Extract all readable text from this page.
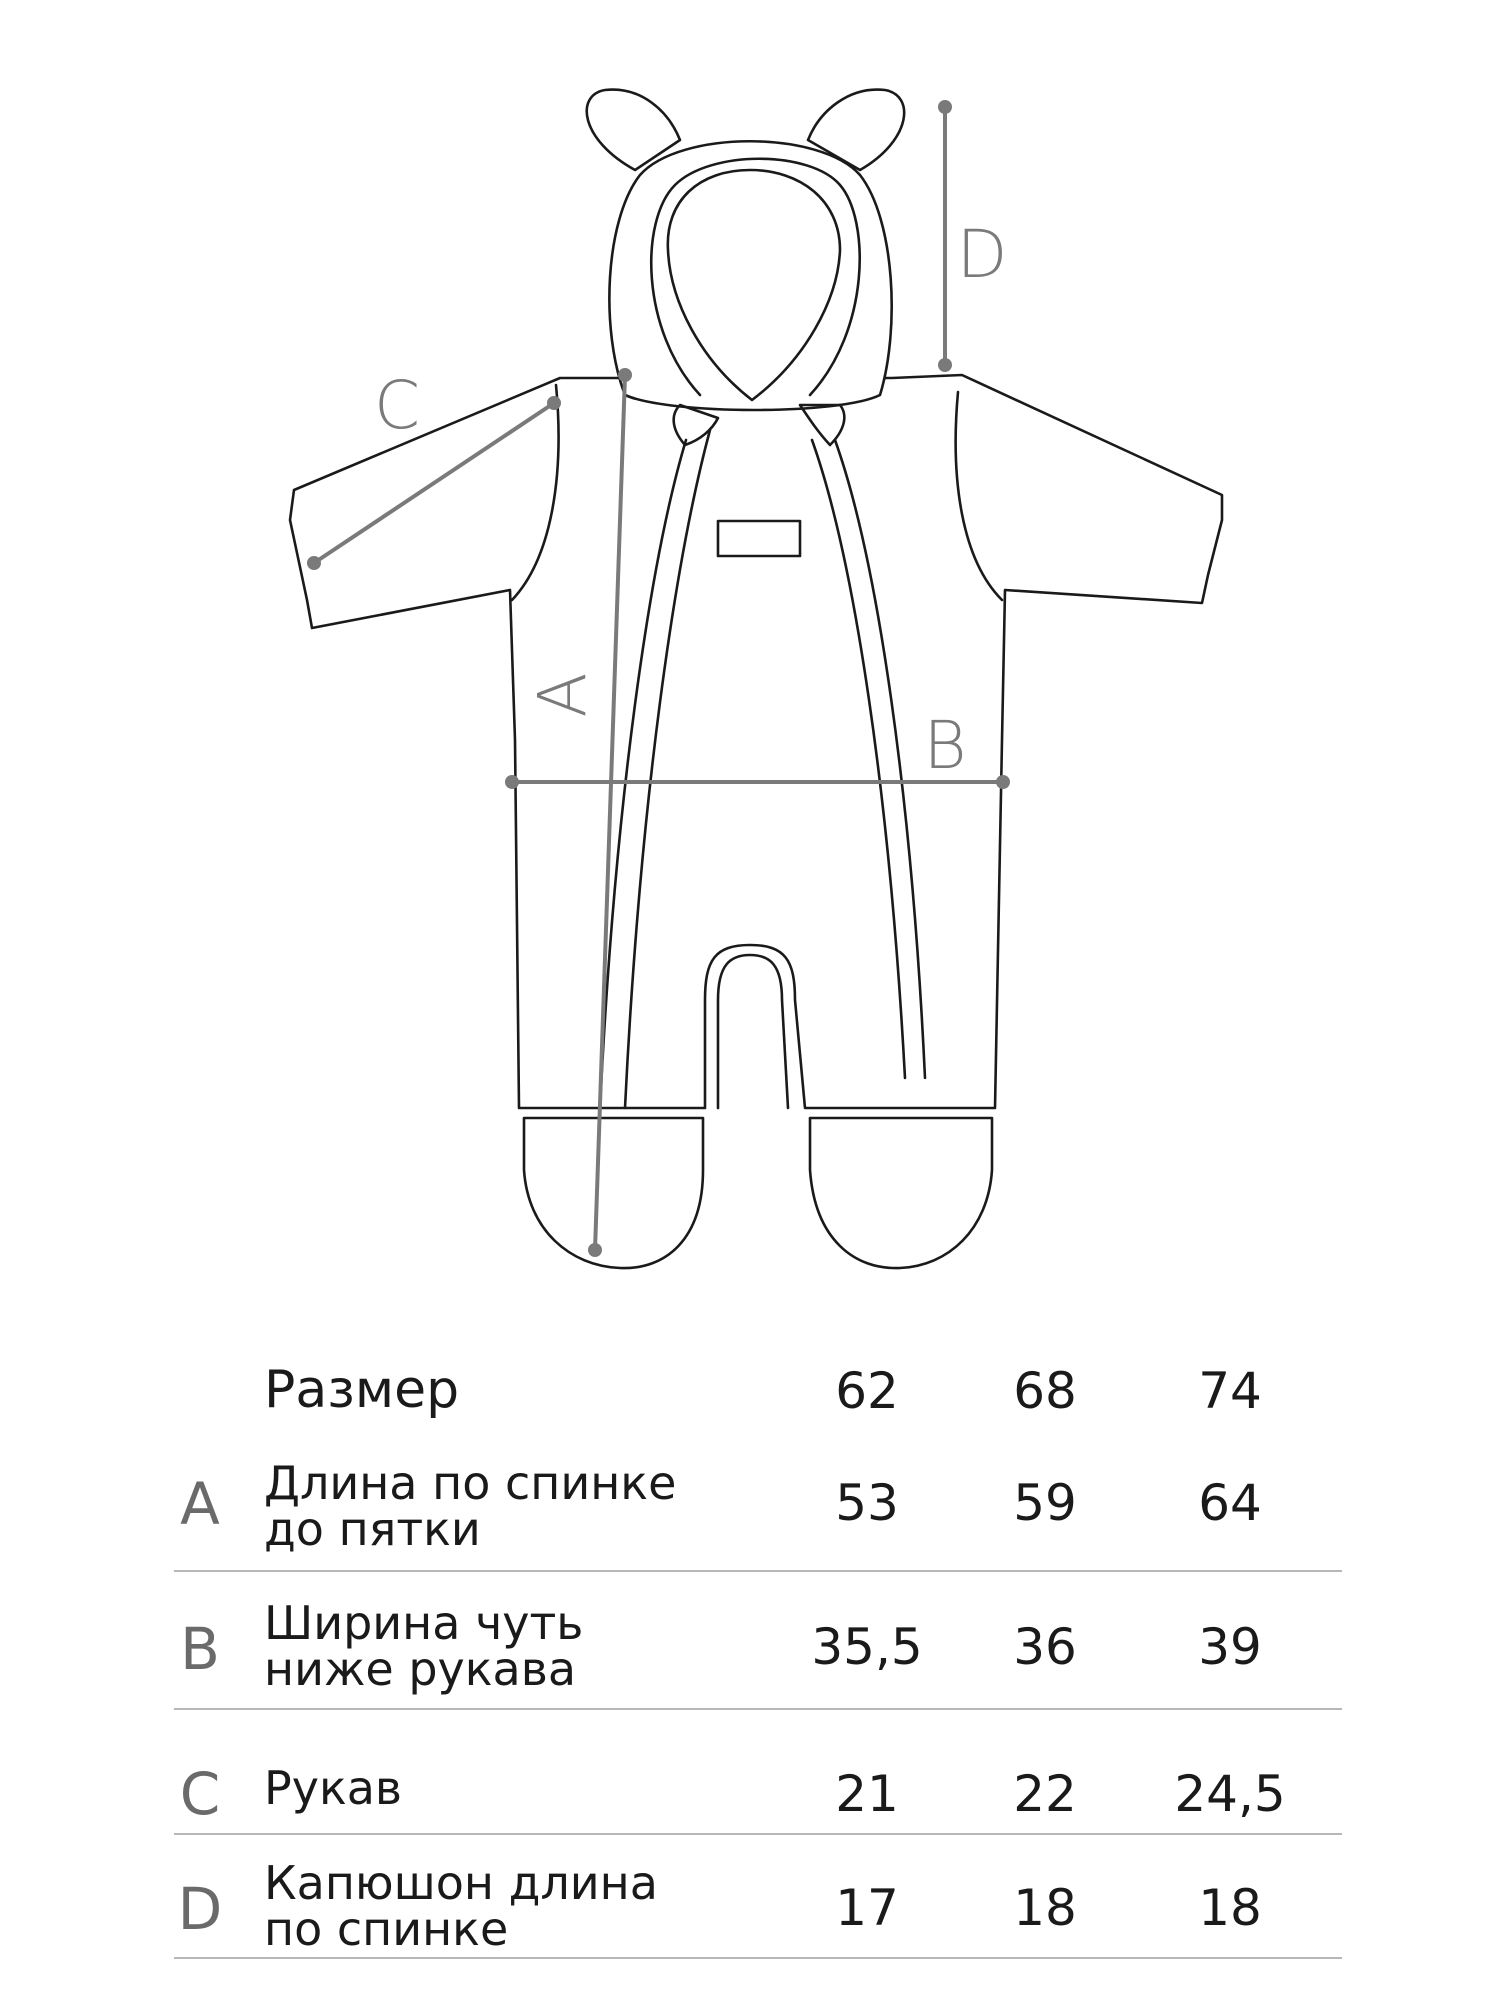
A
B
C
D
Размер	62 68 74
A Длина по спинке
до пятки	53 59 64
B Ширина чуть
ниже рукава	35,5 36 39
C Рукав	21 22 24,5
D Капюшон длина
по спинке	17 18 18
